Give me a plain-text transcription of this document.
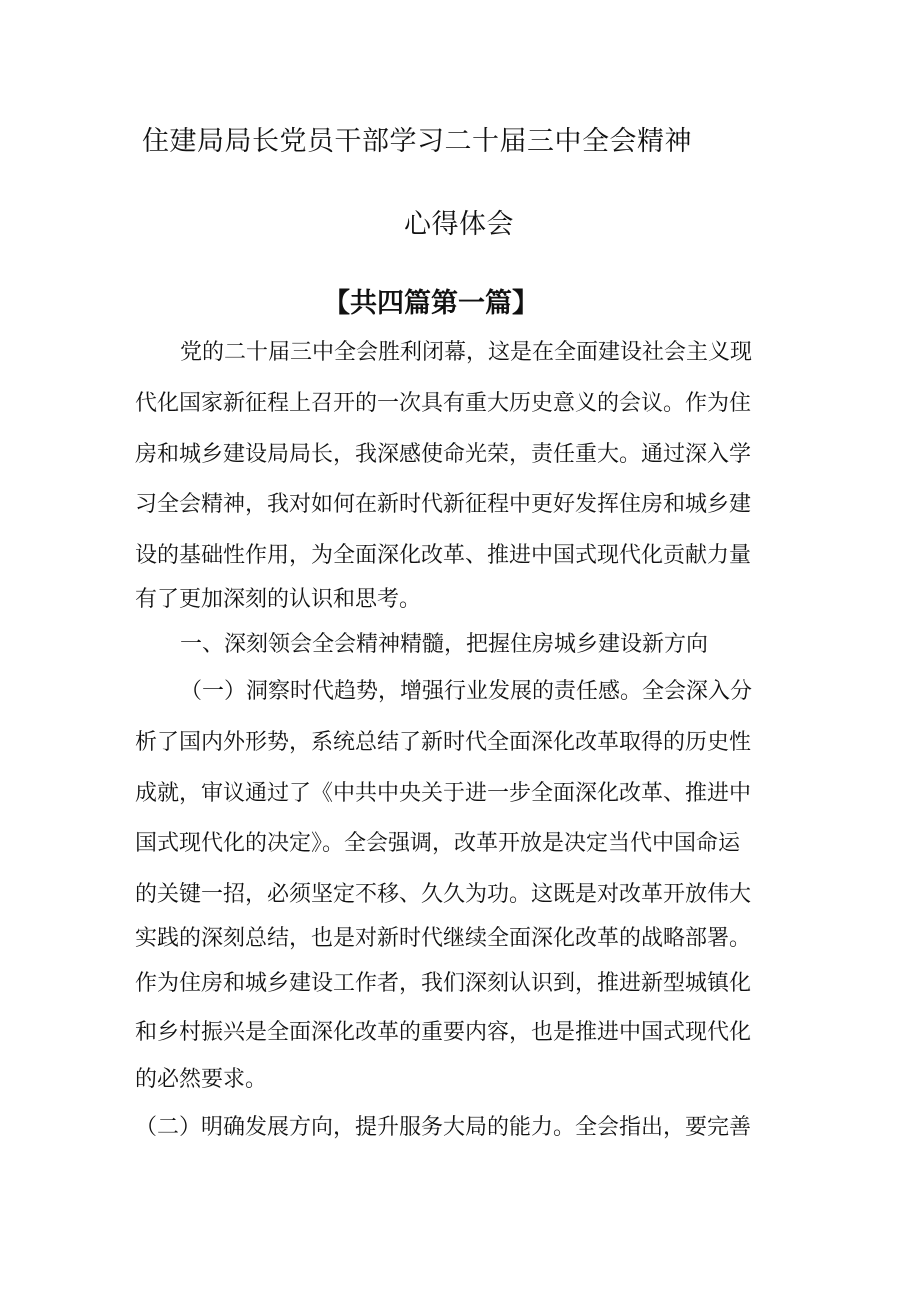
住建局局长党员干部学习二十届三中全会精神
心得体会
【共四篇第一篇】

党的二十届三中全会胜利闭幕，这是在全面建设社会主义现

代化国家新征程上召开的一次具有重大历史意义的会议。作为住

房和城乡建设局局长，我深感使命光荣，责任重大。通过深入学

习全会精神，我对如何在新时代新征程中更好发挥住房和城乡建

设的基础性作用，为全面深化改革、推进中国式现代化贡献力量

有了更加深刻的认识和思考。

一、深刻领会全会精神精髓，把握住房城乡建设新方向

（一）洞察时代趋势，增强行业发展的责任感。全会深入分

析了国内外形势，系统总结了新时代全面深化改革取得的历史性

成就，审议通过了《中共中央关于进一步全面深化改革、推进中

国式现代化的决定》。全会强调，改革开放是决定当代中国命运

的关键一招，必须坚定不移、久久为功。这既是对改革开放伟大

实践的深刻总结，也是对新时代继续全面深化改革的战略部署。

作为住房和城乡建设工作者，我们深刻认识到，推进新型城镇化

和乡村振兴是全面深化改革的重要内容，也是推进中国式现代化

的必然要求。

（二）明确发展方向，提升服务大局的能力。全会指出，要完善
